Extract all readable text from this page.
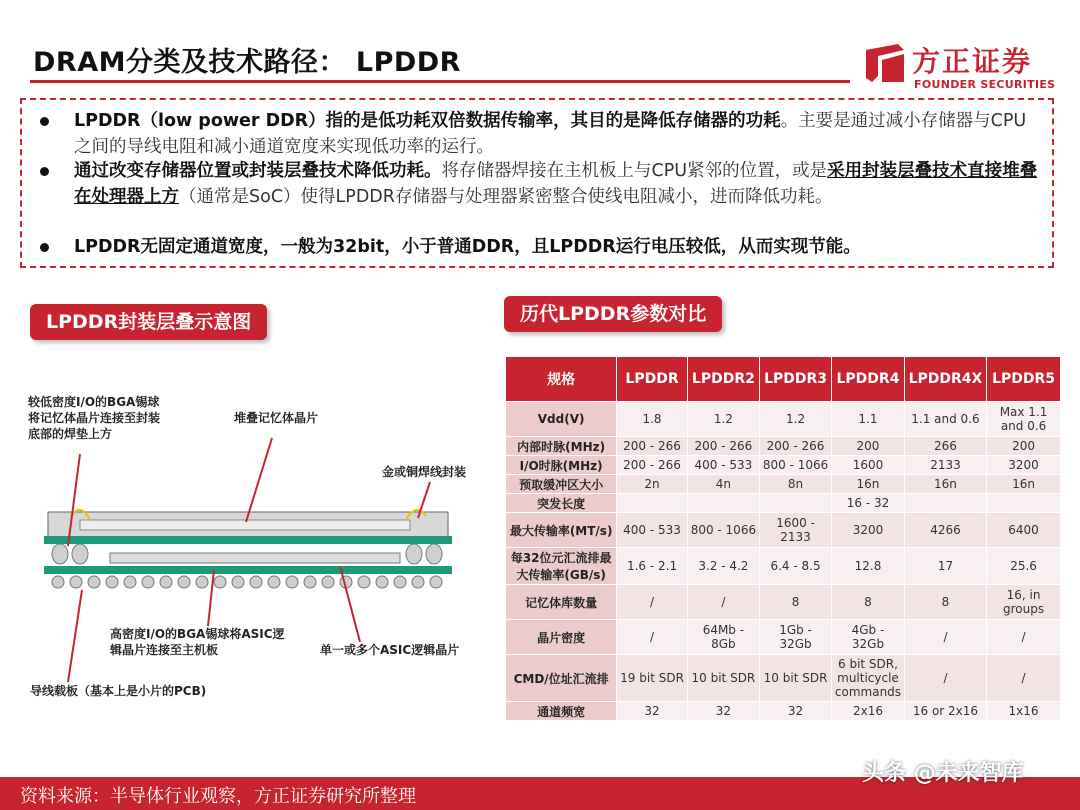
DRAM分类及技术路径： LPDDR	方正证券
FOUNDER SECURITIES
LPDDR（low power DDR）指的是低功耗双倍数据传输率，其目的是降低存储器的功耗。主要是通过减小存储器与CPU之间的导线电阻和减小通道宽度来实现低功率的运行。
通过改变存储器位置或封装层叠技术降低功耗。将存储器焊接在主机板上与CPU紧邻的位置，或是采用封装层叠技术直接堆叠在处理器上方（通常是SoC）使得LPDDR存储器与处理器紧密整合使线电阻减小，进而降低功耗。
LPDDR无固定通道宽度，一般为32bit，小于普通DDR，且LPDDR运行电压较低，从而实现节能。
LPDDR封装层叠示意图	历代LPDDR参数对比
较低密度I/O的BGA锡球
将记忆体晶片连接至封装
底部的焊垫上方
堆叠记忆体晶片
金或铜焊线封装
高密度I/O的BGA锡球将ASIC逻
辑晶片连接至主机板	单一或多个ASIC逻辑晶片
导线载板（基本上是小片的PCB)
规格	LPDDR	LPDDR2	LPDDR3	LPDDR4	LPDDR4X	LPDDR5
Vdd(V)	1.8	1.2	1.2	1.1	1.1 and 0.6	Max 1.1 and 0.6
内部时脉(MHz)	200 - 266	200 - 266	200 - 266	200	266	200
I/O时脉(MHz)	200 - 266	400 - 533	800 - 1066	1600	2133	3200
预取缓冲区大小	2n	4n	8n	16n	16n	16n
突发长度				16 - 32		
最大传输率(MT/s)	400 - 533	800 - 1066	1600 - 2133	3200	4266	6400
每32位元汇流排最大传输率(GB/s)	1.6 - 2.1	3.2 - 4.2	6.4 - 8.5	12.8	17	25.6
记忆体库数量	/	/	8	8	8	16, in groups
晶片密度	/	64Mb - 8Gb	1Gb - 32Gb	4Gb - 32Gb	/	/
CMD/位址汇流排	19 bit SDR	10 bit SDR	10 bit SDR	6 bit SDR, multicycle commands	/	/
通道频宽	32	32	32	2x16	16 or 2x16	1x16
资料来源：半导体行业观察，方正证券研究所整理
头条 @未来智库
